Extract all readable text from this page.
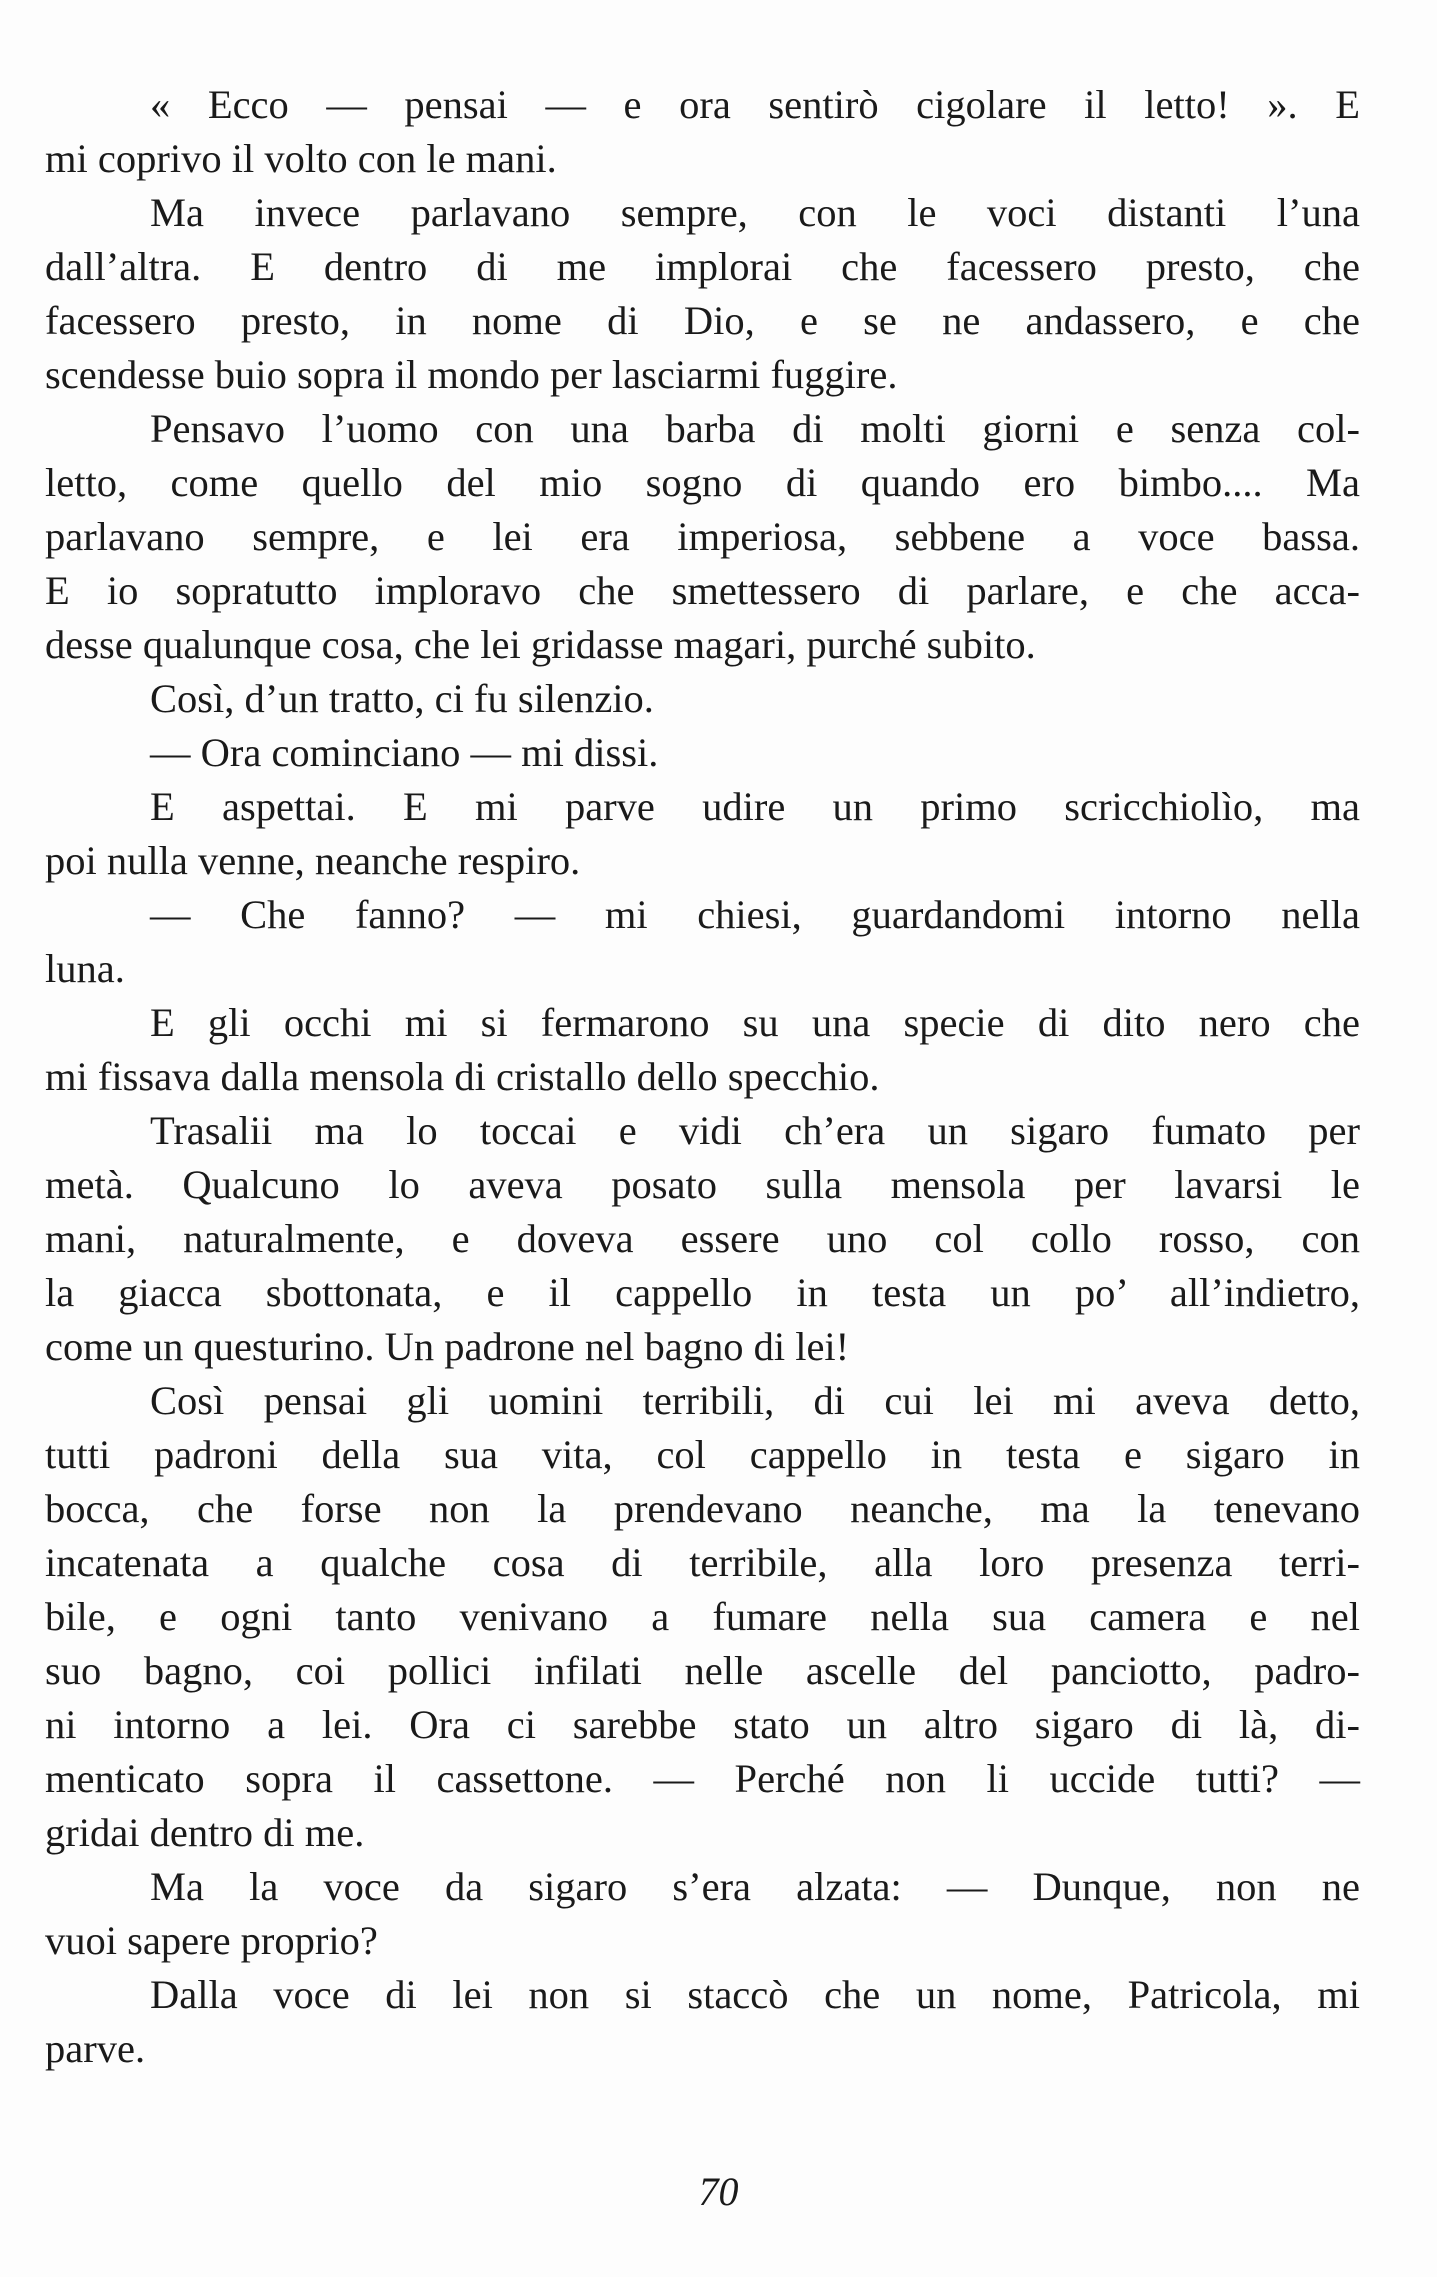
« Ecco — pensai — e ora sentirò cigolare il letto! ». E
mi coprivo il volto con le mani.
Ma invece parlavano sempre, con le voci distanti l’una
dall’altra. E dentro di me implorai che facessero presto, che
facessero presto, in nome di Dio, e se ne andassero, e che
scendesse buio sopra il mondo per lasciarmi fuggire.
Pensavo l’uomo con una barba di molti giorni e senza col-
letto, come quello del mio sogno di quando ero bimbo.... Ma
parlavano sempre, e lei era imperiosa, sebbene a voce bassa.
E io sopratutto imploravo che smettessero di parlare, e che acca-
desse qualunque cosa, che lei gridasse magari, purché subito.
Così, d’un tratto, ci fu silenzio.
— Ora cominciano — mi dissi.
E aspettai. E mi parve udire un primo scricchiolìo, ma
poi nulla venne, neanche respiro.
— Che fanno? — mi chiesi, guardandomi intorno nella
luna.
E gli occhi mi si fermarono su una specie di dito nero che
mi fissava dalla mensola di cristallo dello specchio.
Trasalii ma lo toccai e vidi ch’era un sigaro fumato per
metà. Qualcuno lo aveva posato sulla mensola per lavarsi le
mani, naturalmente, e doveva essere uno col collo rosso, con
la giacca sbottonata, e il cappello in testa un po’ all’indietro,
come un questurino. Un padrone nel bagno di lei!
Così pensai gli uomini terribili, di cui lei mi aveva detto,
tutti padroni della sua vita, col cappello in testa e sigaro in
bocca, che forse non la prendevano neanche, ma la tenevano
incatenata a qualche cosa di terribile, alla loro presenza terri-
bile, e ogni tanto venivano a fumare nella sua camera e nel
suo bagno, coi pollici infilati nelle ascelle del panciotto, padro-
ni intorno a lei. Ora ci sarebbe stato un altro sigaro di là, di-
menticato sopra il cassettone. — Perché non li uccide tutti? —
gridai dentro di me.
Ma la voce da sigaro s’era alzata: — Dunque, non ne
vuoi sapere proprio?
Dalla voce di lei non si staccò che un nome, Patricola, mi
parve.
70
